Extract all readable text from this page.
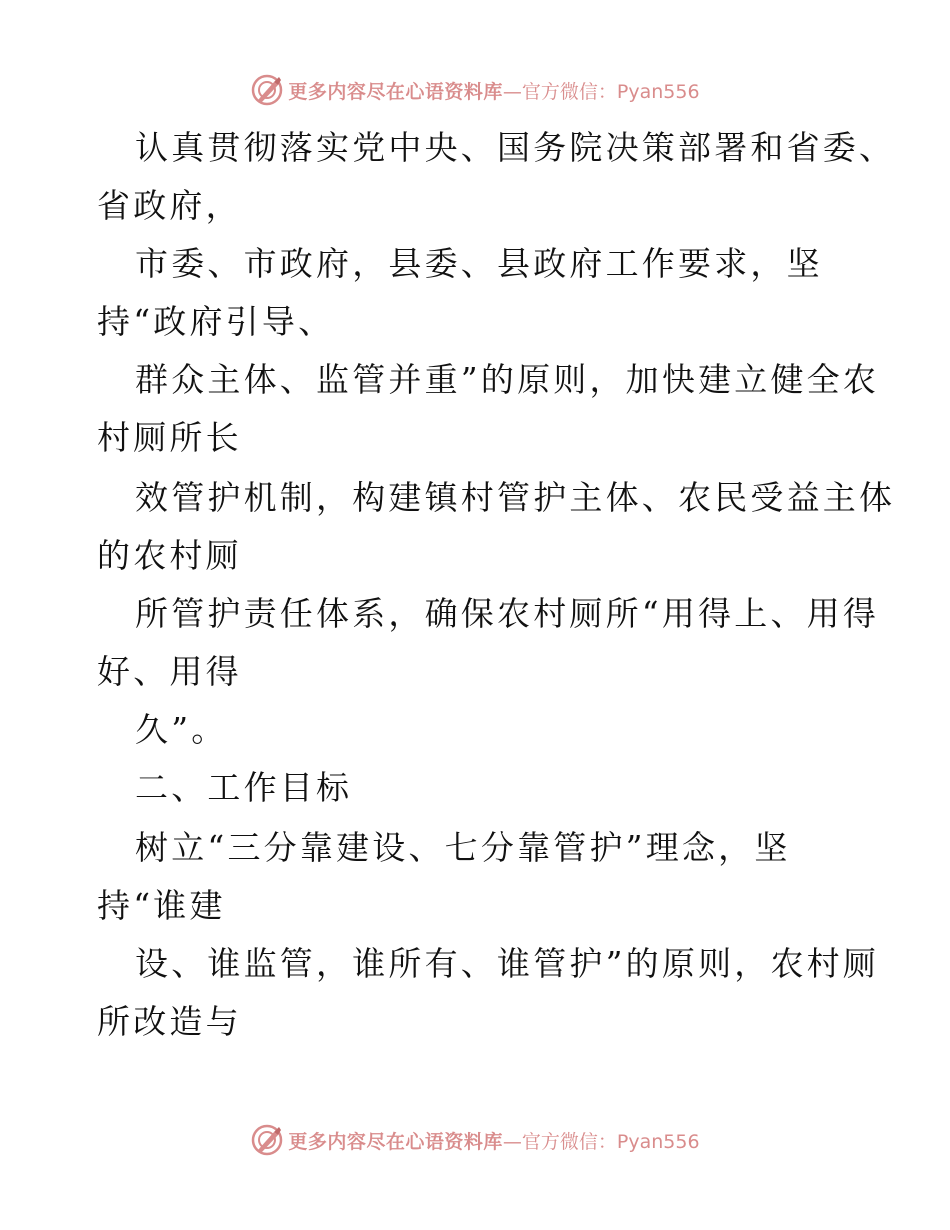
更多内容尽在心语资料库 —官方微信：Pyan556
认真贯彻落实党中央、国务院决策部署和省委、
省政府，
市委、市政府，县委、县政府工作要求，坚
持“政府引导、
群众主体、监管并重”的原则，加快建立健全农
村厕所长
效管护机制，构建镇村管护主体、农民受益主体
的农村厕
所管护责任体系，确保农村厕所“用得上、用得
好、用得
久”。
二、工作目标
树立“三分靠建设、七分靠管护”理念，坚
持“谁建
设、谁监管，谁所有、谁管护”的原则，农村厕
所改造与
更多内容尽在心语资料库 —官方微信：Pyan556
